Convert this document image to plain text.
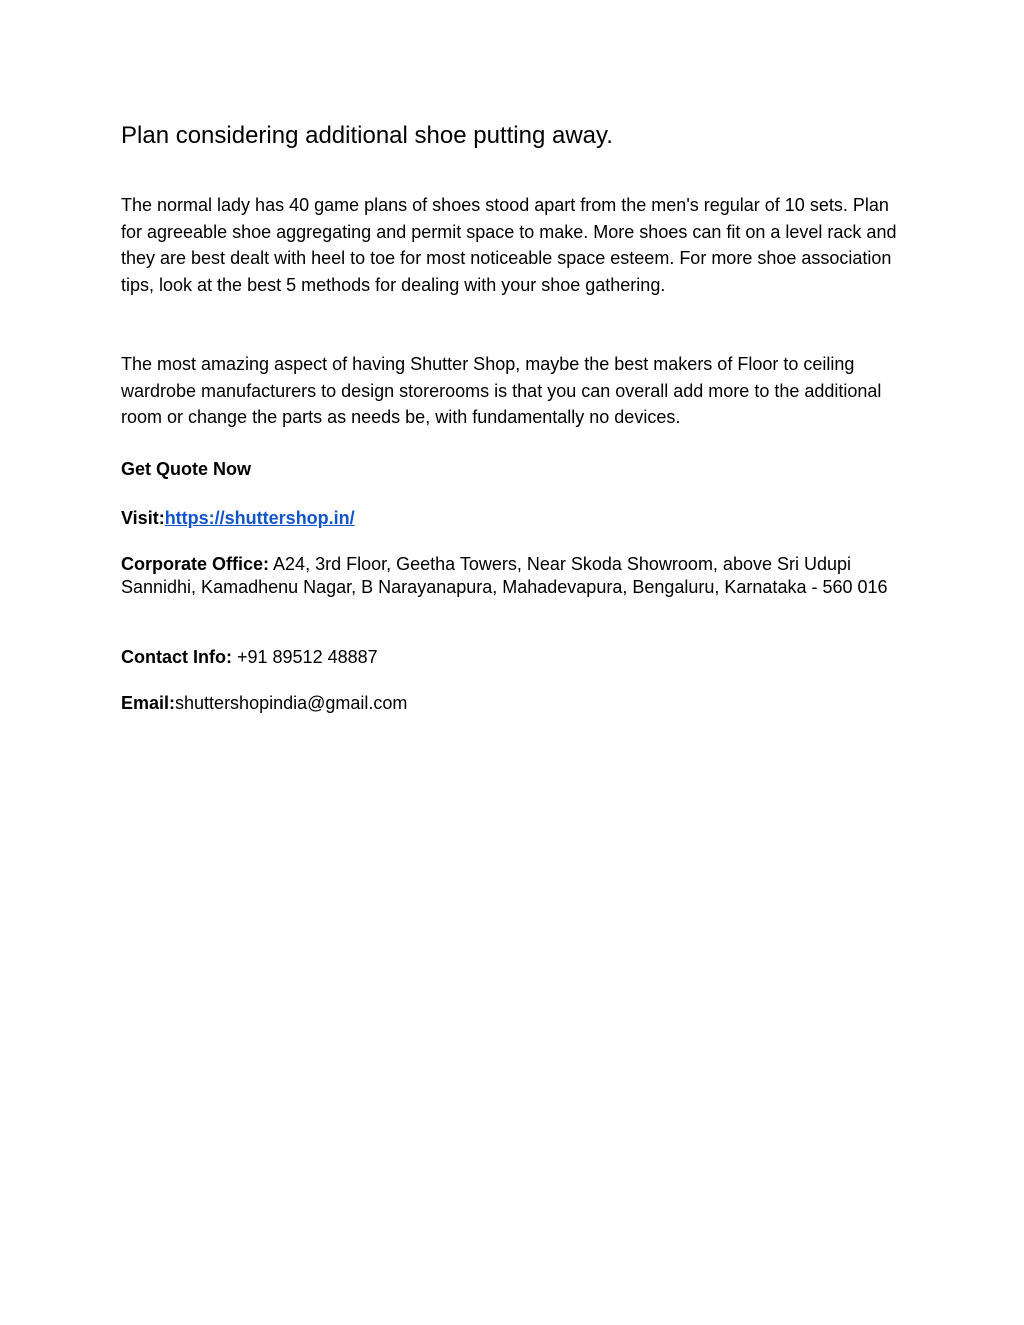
Plan considering additional shoe putting away.

The normal lady has 40 game plans of shoes stood apart from the men's regular of 10 sets. Plan for agreeable shoe aggregating and permit space to make. More shoes can fit on a level rack and they are best dealt with heel to toe for most noticeable space esteem. For more shoe association tips, look at the best 5 methods for dealing with your shoe gathering.

The most amazing aspect of having Shutter Shop, maybe the best makers of Floor to ceiling wardrobe manufacturers to design storerooms is that you can overall add more to the additional room or change the parts as needs be, with fundamentally no devices.

Get Quote Now

Visit:https://shuttershop.in/

Corporate Office: A24, 3rd Floor, Geetha Towers, Near Skoda Showroom, above Sri Udupi Sannidhi, Kamadhenu Nagar, B Narayanapura, Mahadevapura, Bengaluru, Karnataka - 560 016

Contact Info: +91 89512 48887

Email:shuttershopindia@gmail.com
